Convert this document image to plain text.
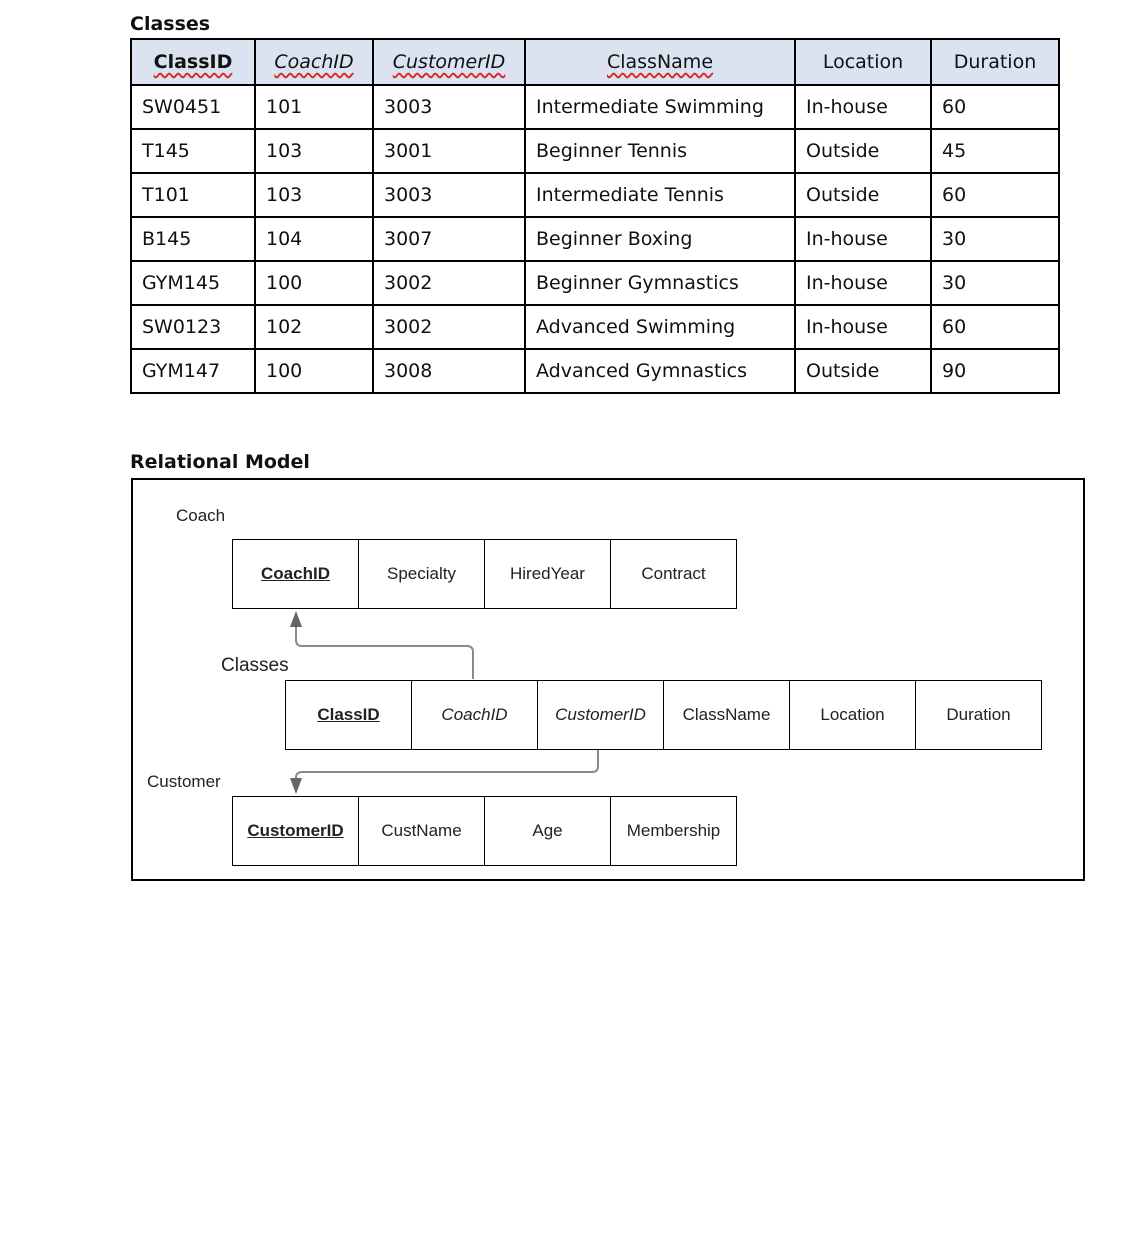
Classes
ClassID	CoachID	CustomerID	ClassName	Location	Duration
SW0451	101	3003	Intermediate Swimming	In-house	60
T145	103	3001	Beginner Tennis	Outside	45
T101	103	3003	Intermediate Tennis	Outside	60
B145	104	3007	Beginner Boxing	In-house	30
GYM145	100	3002	Beginner Gymnastics	In-house	30
SW0123	102	3002	Advanced Swimming	In-house	60
GYM147	100	3008	Advanced Gymnastics	Outside	90
Relational Model
Coach
CoachID	Specialty	HiredYear	Contract
Classes
ClassID	CoachID	CustomerID	ClassName	Location	Duration
Customer
CustomerID	CustName	Age	Membership
